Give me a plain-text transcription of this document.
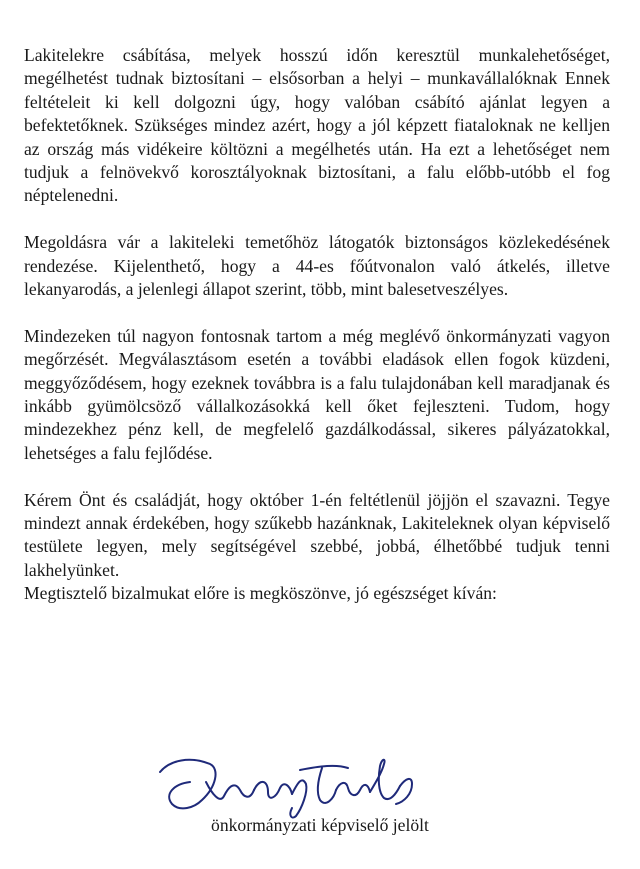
Lakitelekre csábítása, melyek hosszú időn keresztül munkalehetőséget, megélhetést tudnak biztosítani – elsősorban a helyi – munkavállalóknak Ennek feltételeit ki kell dolgozni úgy, hogy valóban csábító ajánlat legyen a befektetőknek. Szükséges mindez azért, hogy a jól képzett fiataloknak ne kelljen az ország más vidékeire költözni a megélhetés után. Ha ezt a lehetőséget nem tudjuk a felnövekvő korosztályoknak biztosítani, a falu előbb-utóbb el fog néptelenedni.

Megoldásra vár a lakiteleki temetőhöz látogatók biztonságos közlekedésének rendezése. Kijelenthető, hogy a 44-es főútvonalon való átkelés, illetve lekanyarodás, a jelenlegi állapot szerint, több, mint balesetveszélyes.

Mindezeken túl nagyon fontosnak tartom a még meglévő önkormányzati vagyon megőrzését. Megválasztásom esetén a további eladások ellen fogok küzdeni, meggyőződésem, hogy ezeknek továbbra is a falu tulajdonában kell maradjanak és inkább gyümölcsöző vállalkozásokká kell őket fejleszteni. Tudom, hogy mindezekhez pénz kell, de megfelelő gazdálkodással, sikeres pályázatokkal, lehetséges a falu fejlődése.

Kérem Önt és családját, hogy október 1-én feltétlenül jöjjön el szavazni. Tegye mindezt annak érdekében, hogy szűkebb hazánknak, Lakiteleknek olyan képviselő testülete legyen, mely segítségével szebbé, jobbá, élhetőbbé tudjuk tenni lakhelyünket.

Megtisztelő bizalmukat előre is megköszönve, jó egészséget kíván:

önkormányzati képviselő jelölt
